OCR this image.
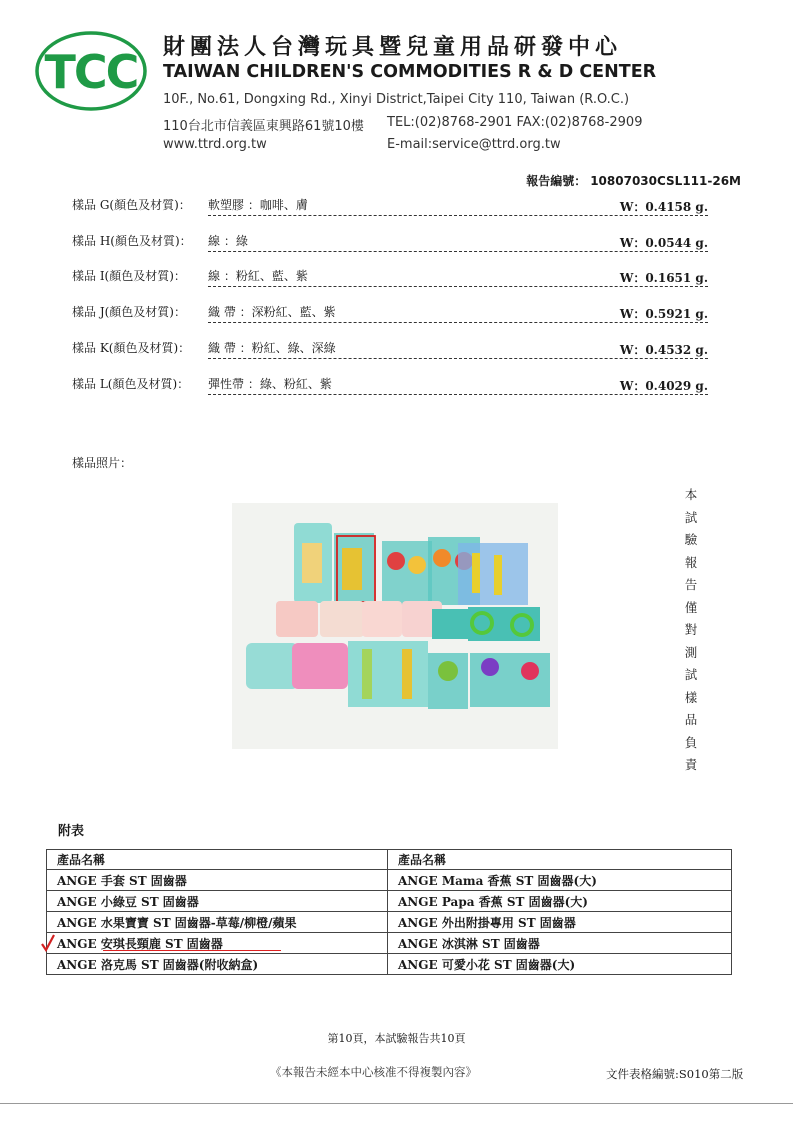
TCC 財團法人台灣玩具暨兒童用品研發中心
TAIWAN CHILDREN'S COMMODITIES R & D CENTER
10F., No.61, Dongxing Rd., Xinyi District,Taipei City 110, Taiwan (R.O.C.)
110台北市信義區東興路61號10樓 TEL:(02)8768-2901 FAX:(02)8768-2909
www.ttrd.org.tw	E-mail:service@ttrd.org.tw
報告編號： 10807030CSL111-26M
樣品 G(顏色及材質)： 軟塑膠 ：咖啡、膚	W：0.4158 g.
樣品 H(顏色及材質)： 線 ：綠	W：0.0544 g.
樣品 I(顏色及材質)： 線 ：粉紅、藍、紫	W：0.1651 g.
樣品 J(顏色及材質)： 織 帶 ：深粉紅、藍、紫	W：0.5921 g.
樣品 K(顏色及材質)： 織 帶 ：粉紅、綠、深綠	W：0.4532 g.
樣品 L(顏色及材質)： 彈性帶 ：綠、粉紅、紫	W：0.4029 g.
樣品照片：
本試驗報告僅對測試樣品負責
附表
產品名稱	產品名稱
ANGE 手套 ST 固齒器	ANGE Mama 香蕉 ST 固齒器(大)
ANGE 小綠豆 ST 固齒器	ANGE Papa 香蕉 ST 固齒器(大)
ANGE 水果寶寶 ST 固齒器-草莓/柳橙/蘋果	ANGE 外出附掛專用 ST 固齒器
ANGE 安琪長頸鹿 ST 固齒器	ANGE 冰淇淋 ST 固齒器
ANGE 洛克馬 ST 固齒器(附收納盒)	ANGE 可愛小花 ST 固齒器(大)
第10頁，本試驗報告共10頁
《本報告未經本中心核准不得複製內容》	文件表格編號:S010第二版
